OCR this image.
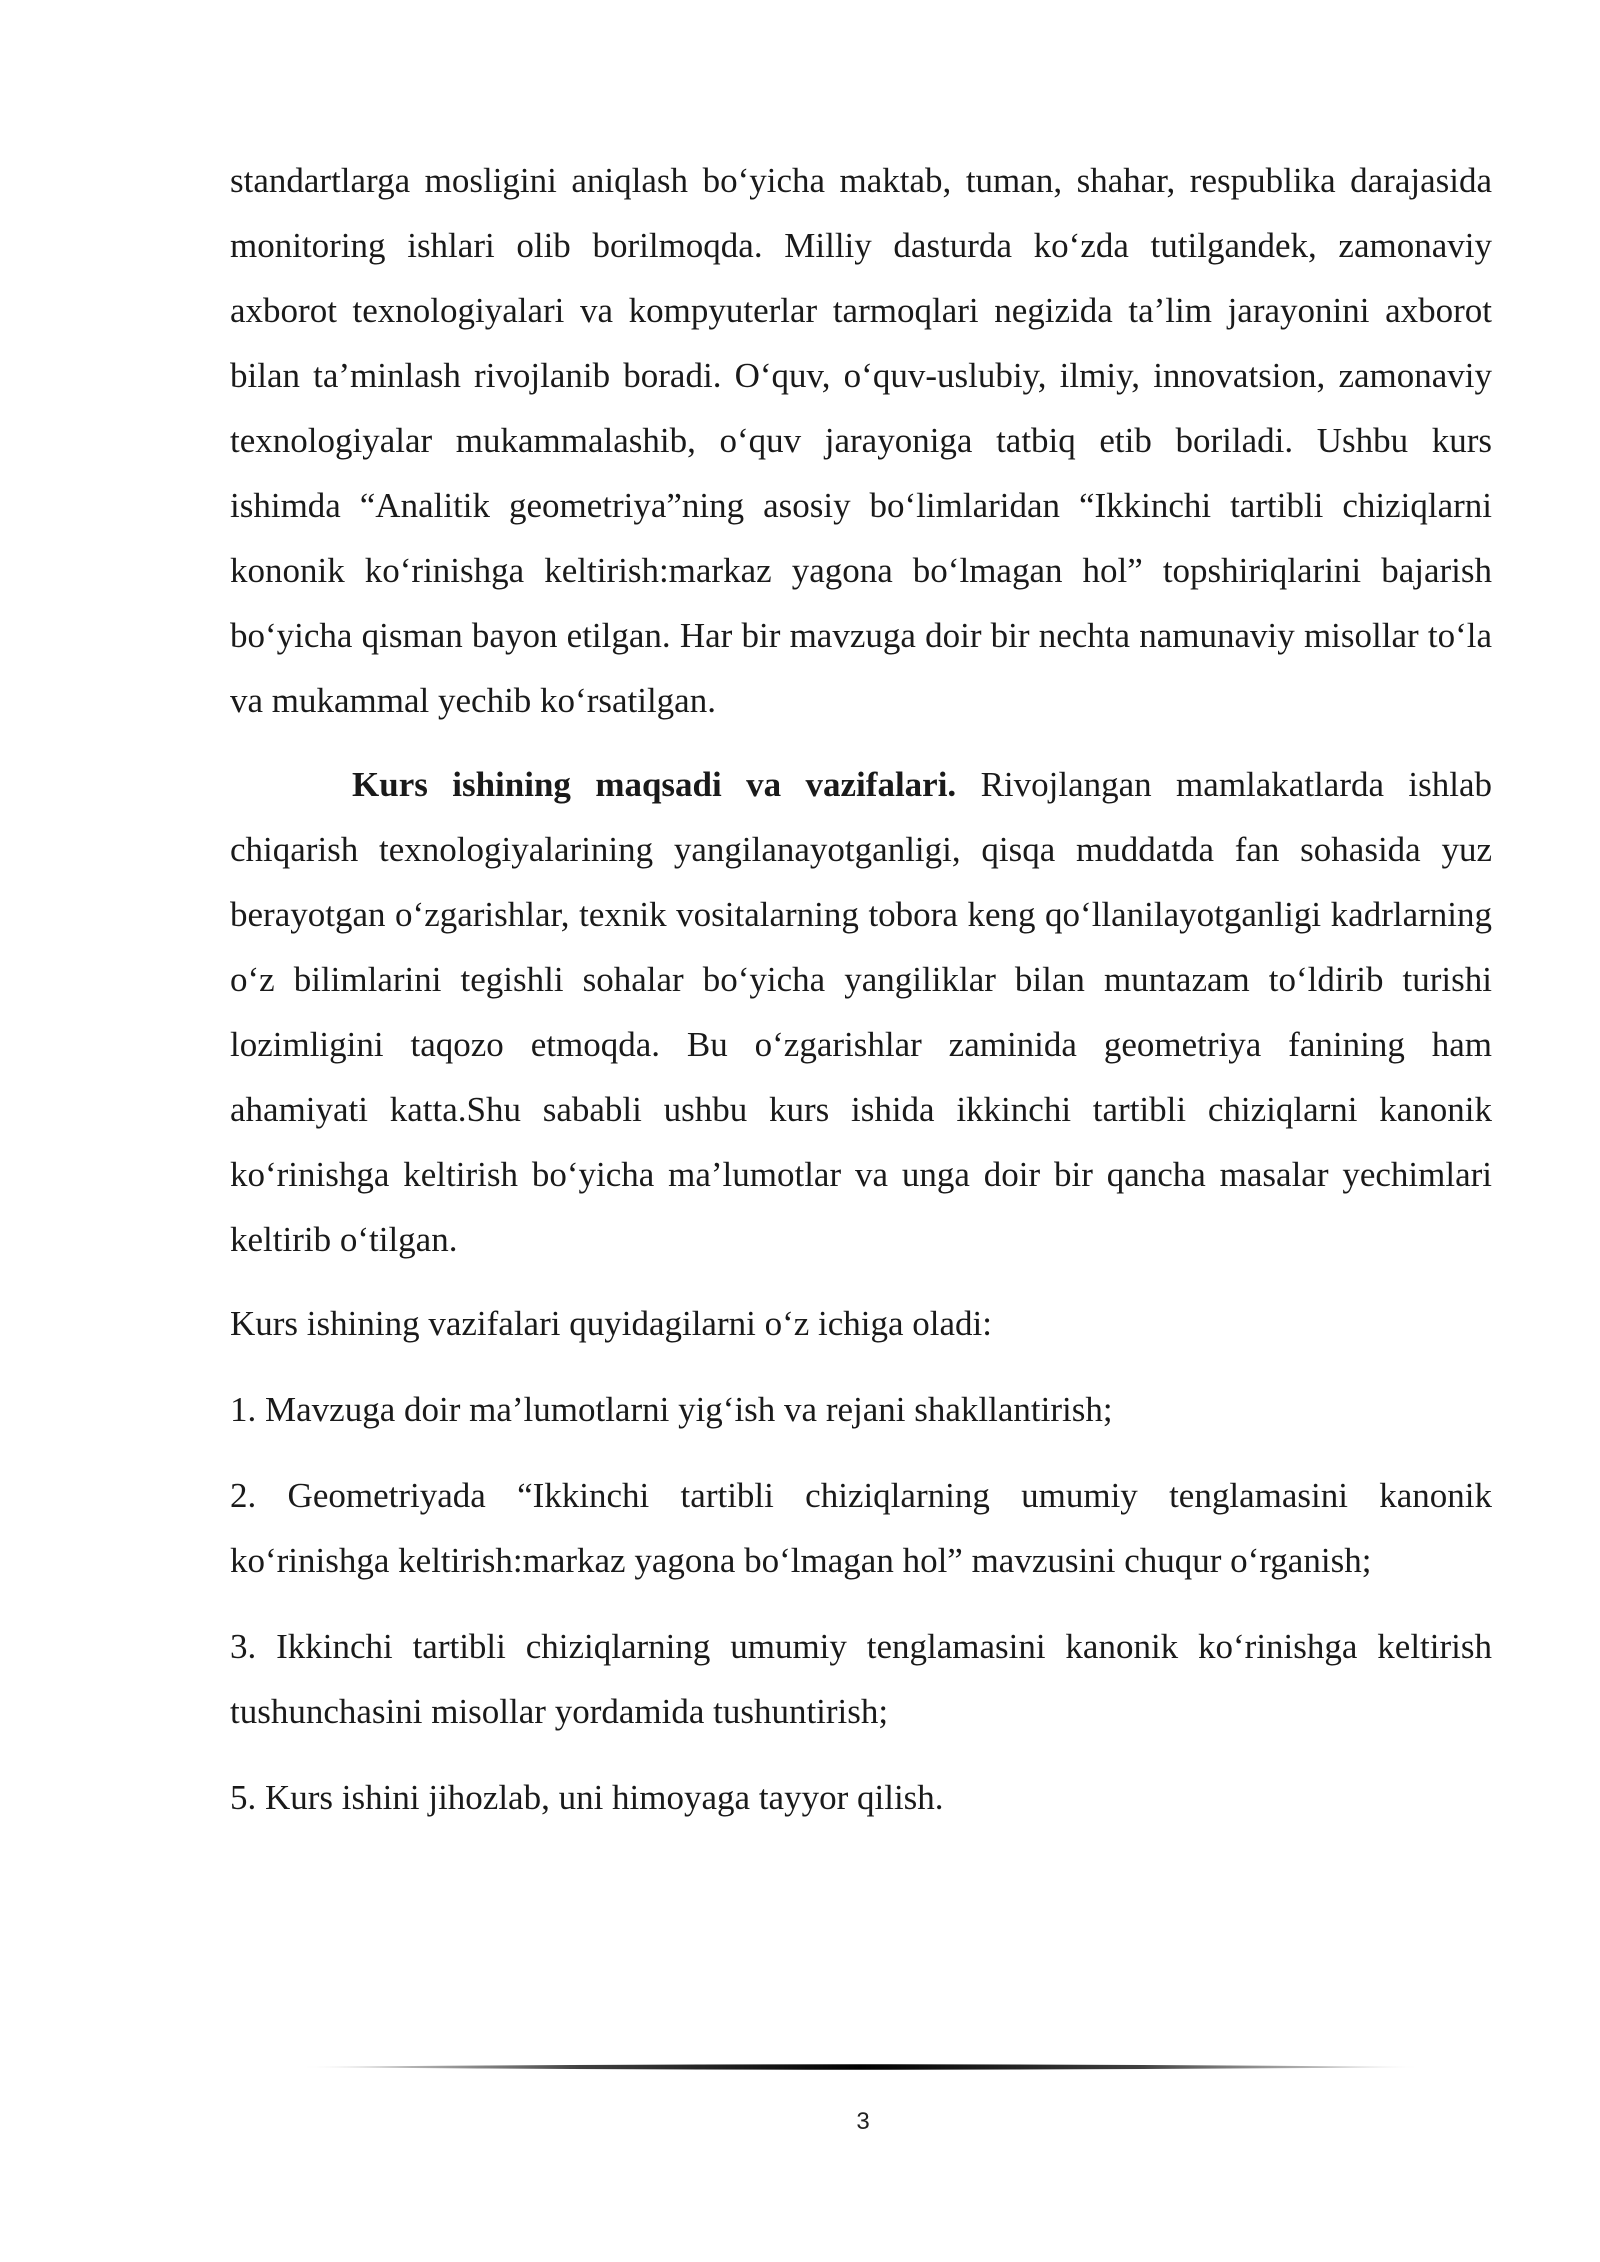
standartlarga mosligini aniqlash bo‘yicha maktab, tuman, shahar, respublika darajasida monitoring ishlari olib borilmoqda. Milliy dasturda ko‘zda tutilgandek, zamonaviy axborot texnologiyalari va kompyuterlar tarmoqlari negizida ta’lim jarayonini axborot bilan ta’minlash rivojlanib boradi. O‘quv, o‘quv-uslubiy, ilmiy, innovatsion, zamonaviy texnologiyalar mukammalashib, o‘quv jarayoniga tatbiq etib boriladi. Ushbu kurs ishimda “Analitik geometriya”ning asosiy bo‘limlaridan “Ikkinchi tartibli chiziqlarni kononik ko‘rinishga keltirish:markaz yagona bo‘lmagan hol” topshiriqlarini bajarish bo‘yicha qisman bayon etilgan. Har bir mavzuga doir bir nechta namunaviy misollar to‘la va mukammal yechib ko‘rsatilgan.

Kurs ishining maqsadi va vazifalari. Rivojlangan mamlakatlarda ishlab chiqarish texnologiyalarining yangilanayotganligi, qisqa muddatda fan sohasida yuz berayotgan o‘zgarishlar, texnik vositalarning tobora keng qo‘llanilayotganligi kadrlarning o‘z bilimlarini tegishli sohalar bo‘yicha yangiliklar bilan muntazam to‘ldirib turishi lozimligini taqozo etmoqda. Bu o‘zgarishlar zaminida geometriya fanining ham ahamiyati katta.Shu sababli ushbu kurs ishida ikkinchi tartibli chiziqlarni kanonik ko‘rinishga keltirish bo‘yicha ma’lumotlar va unga doir bir qancha masalar yechimlari keltirib o‘tilgan.

Kurs ishining vazifalari quyidagilarni o‘z ichiga oladi:

1. Mavzuga doir ma’lumotlarni yig‘ish va rejani shakllantirish;

2. Geometriyada “Ikkinchi tartibli chiziqlarning umumiy tenglamasini kanonik ko‘rinishga keltirish:markaz yagona bo‘lmagan hol” mavzusini chuqur o‘rganish;

3. Ikkinchi tartibli chiziqlarning umumiy tenglamasini kanonik ko‘rinishga keltirish tushunchasini misollar yordamida tushuntirish;

5. Kurs ishini jihozlab, uni himoyaga tayyor qilish.

3
